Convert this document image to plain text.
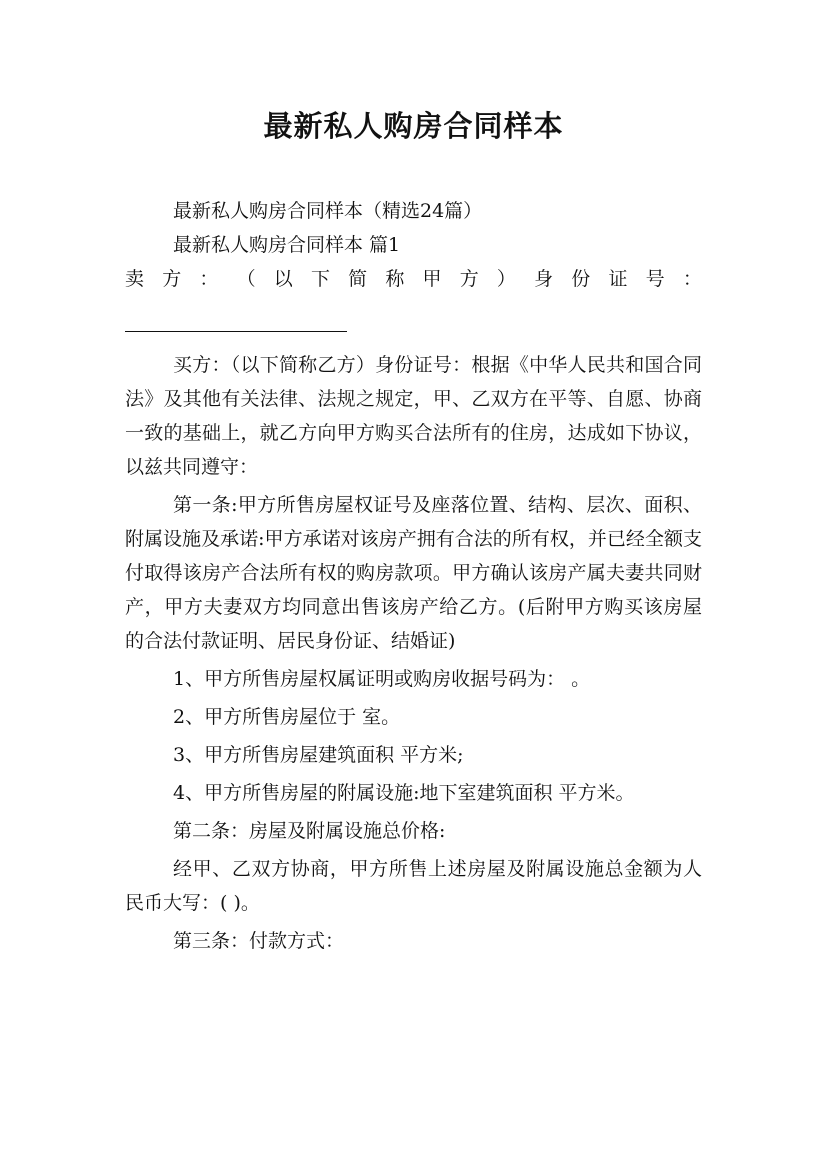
最新私人购房合同样本

最新私人购房合同样本（精选24篇）

最新私人购房合同样本 篇1

卖 方 ： （ 以 下 简 称 甲 方 ） 身 份 证 号 ：

买方：（以下简称乙方）身份证号：根据《中华人民共和国合同法》及其他有关法律、法规之规定，甲、乙双方在平等、自愿、协商一致的基础上，就乙方向甲方购买合法所有的住房，达成如下协议，以兹共同遵守：

第一条:甲方所售房屋权证号及座落位置、结构、层次、面积、附属设施及承诺:甲方承诺对该房产拥有合法的所有权，并已经全额支付取得该房产合法所有权的购房款项。甲方确认该房产属夫妻共同财产，甲方夫妻双方均同意出售该房产给乙方。(后附甲方购买该房屋的合法付款证明、居民身份证、结婚证)

1、甲方所售房屋权属证明或购房收据号码为： 。

2、甲方所售房屋位于 室。

3、甲方所售房屋建筑面积 平方米;

4、甲方所售房屋的附属设施:地下室建筑面积 平方米。

第二条：房屋及附属设施总价格:

经甲、乙双方协商，甲方所售上述房屋及附属设施总金额为人民币大写：( )。

第三条：付款方式：
